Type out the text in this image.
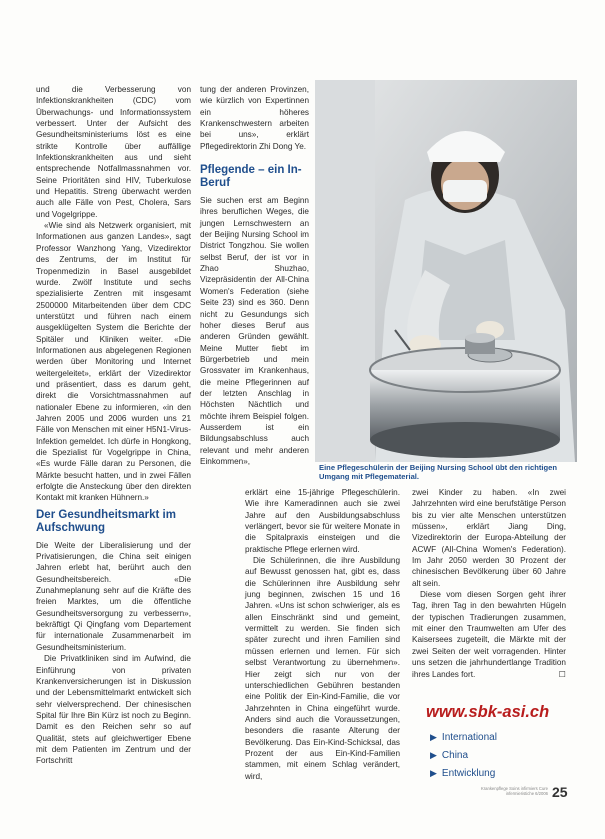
und die Verbesserung von Infektionskrankheiten (CDC) vom Überwachungs- und Informationssystem verbessert. Unter der Aufsicht des Gesundheitsministeriums löst es eine strikte Kontrolle über auffällige Infektionskrankheiten aus und sieht entsprechende Notfallmassnahmen vor. Seine Prioritäten sind HIV, Tuberkulose und Hepatitis. Streng überwacht werden auch alle Fälle von Pest, Cholera, Sars und Vogelgrippe.

«Wie sind als Netzwerk organisiert, mit Informationen aus ganzen Landes», sagt Professor Wanzhong Yang, Vizedirektor des Zentrums, der im Institut für Tropenmedizin in Basel ausgebildet wurde. Zwölf Institute und sechs spezialisierte Zentren mit insgesamt 2500000 Mitarbeitenden über dem CDC unterstützt und führen nach einem ausgeklügelten System die Berichte der Spitäler und Kliniken weiter. «Die Informationen aus abgelegenen Regionen werden über Monitoring und Internet weitergeleitet», erklärt der Vizedirektor und präsentiert, dass es darum geht, direkt die Vorsichtmassnahmen auf nationaler Ebene zu informieren, «in den Jahren 2005 und 2006 wurden uns 21 Fälle von Menschen mit einer H5N1-Virus-Infektion gemeldet. Ich dürfe in Hongkong, die Spezialist für Vogelgrippe in China, «Es wurde Fälle daran zu Personen, die Märkte besucht hatten, und in zwei Fällen erfolgte die Ansteckung über den direkten Kontakt mit kranken Hühnern.»

Der Gesundheitsmarkt im Aufschwung

Die Weite der Liberalisierung und der Privatisierungen, die China seit einigen Jahren erlebt hat, berührt auch den Gesundheitsbereich. «Die Zunahmeplanung sehr auf die Kräfte des freien Marktes, um die öffentliche Gesundheitsversorgung zu verbessern», bekräftigt Qi Qingfang vom Departement für internationale Zusammenarbeit im Gesundheitsministerium.

Die Privatkliniken sind im Aufwind, die Einführung von privaten Krankenversicherungen ist in Diskussion und der Lebensmittelmarkt entwickelt sich sehr vielversprechend. Der chinesischen Spital für Ihre Bin Kürz ist noch zu Beginn. Damit es den Reichen sehr so auf Qualität, stets auf gleichwertiger Ebene mit dem Patienten im Zentrum und der Fortschritt

tung der anderen Provinzen, wie kürzlich von Expertinnen ein höheres Krankenschwestern arbeiten bei uns», erklärt Pflegedirektorin Zhi Dong Ye.

Pflegende – ein In-Beruf

Sie suchen erst am Beginn ihres beruflichen Weges, die jungen Lernschwestern an der Beijing Nursing School im District Tongzhou. Sie wollen selbst Beruf, der ist vor in Zhao Shuzhao, Vizepräsidentin der All-China Women's Federation (siehe Seite 23) sind es 360. Denn nicht zu Gesundungs sich hoher dieses Beruf aus anderen Gründen gewählt. Meine Mutter fiebt im Bürgerbetrieb und mein Grossvater im Krankenhaus, die meine Pflegerinnen auf der letzten Anschlag in Höchsten Nächtlich und möchte ihrem Beispiel folgen. Ausserdem ist ein Bildungsabschluss auch relevant und mehr anderen Einkommen»,

Eine Pflegeschülerin der Beijing Nursing School übt den richtigen Umgang mit Pflegematerial.

erklärt eine 15-jährige Pflegeschülerin. Wie ihre Kameradinnen auch sie zwei Jahre auf den Ausbildungsabschluss verlängert, bevor sie für weitere Monate in die Spitalpraxis einsteigen und die praktische Pflege erlernen wird.

Die Schülerinnen, die ihre Ausbildung auf Bewusst genossen hat, gibt es, dass die Schülerinnen ihre Ausbildung sehr jung beginnen, zwischen 15 und 16 Jahren. «Uns ist schon schwieriger, als es allen Einschränkt sind und gemeint, vermittelt zu werden. Sie finden sich später zurecht und ihren Familien sind müssen erlernen und lernen. Für sich selbst Verantwortung zu übernehmen». Hier zeigt sich nur von der unterschiedlichen Gebühren bestanden eine Politik der Ein-Kind-Familie, die vor Jahrzehnten in China eingeführt wurde. Anders sind auch die Voraussetzungen, besonders die rasante Alterung der Bevölkerung. Das Ein-Kind-Schicksal, das Prozent der aus Ein-Kind-Familien stammen, mit einem Schlag verändert, wird,

zwei Kinder zu haben. «In zwei Jahrzehnten wird eine berufstätige Person bis zu vier alte Menschen unterstützen müssen», erklärt Jiang Ding, Vizedirektorin der Europa-Abteilung der ACWF (All-China Women's Federation). Im Jahr 2050 werden 30 Prozent der chinesischen Bevölkerung über 60 Jahre alt sein.

Diese vom diesen Sorgen geht ihrer Tag, ihren Tag in den bewahrten Hügeln der typischen Tradierungen zusammen, mit einer den Traumwelten am Ufer des Kaisersees zugeteilt, die Märkte mit der zwei Seiten der weit vorragenden. Hinter uns setzen die jahrhundertlange Tradition ihres Landes fort.	☐

www.sbk-asi.ch
▶ International
▶ China
▶ Entwicklung
Krankenpflege Soins infirmiers Cure infermieristiche 6/2006 25
